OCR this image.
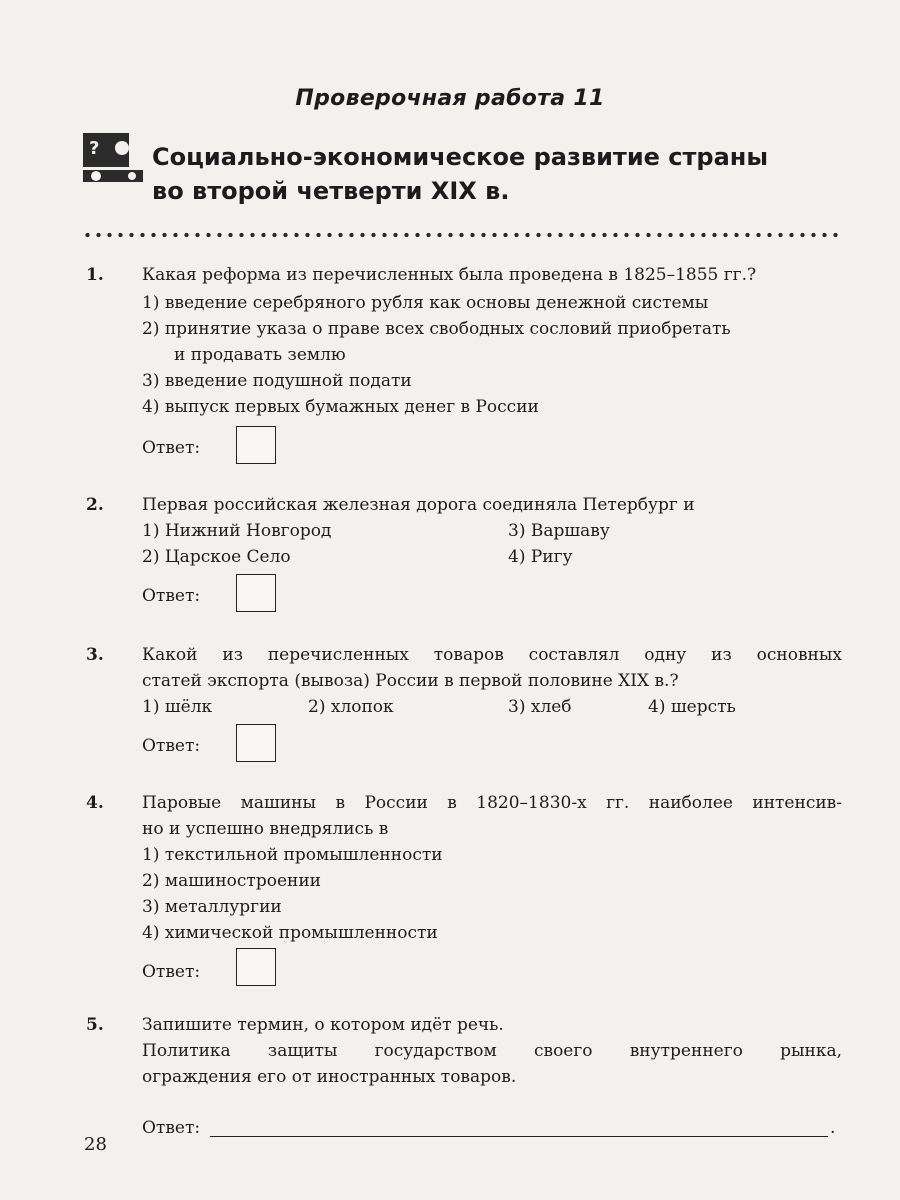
Проверочная работа 11
? Социально-экономическое развитие страны
во второй четверти XIX в.
1. Какая реформа из перечисленных была проведена в 1825–1855 гг.?
1) введение серебряного рубля как основы денежной системы
2) принятие указа о праве всех свободных сословий приобретать
и продавать землю
3) введение подушной подати
4) выпуск первых бумажных денег в России
Ответ:
2. Первая российская железная дорога соединяла Петербург и
1) Нижний Новгород	3) Варшаву
2) Царское Село	4) Ригу
Ответ:
3. Какой из перечисленных товаров составлял одну из основных
статей экспорта (вывоза) России в первой половине XIX в.?
1) шёлк	2) хлопок	3) хлеб	4) шерсть
Ответ:
4. Паровые машины в России в 1820–1830-х гг. наиболее интенсив-
но и успешно внедрялись в
1) текстильной промышленности
2) машиностроении
3) металлургии
4) химической промышленности
Ответ:
5. Запишите термин, о котором идёт речь.
Политика защиты государством своего внутреннего рынка,
ограждения его от иностранных товаров.
Ответ:	.
28
